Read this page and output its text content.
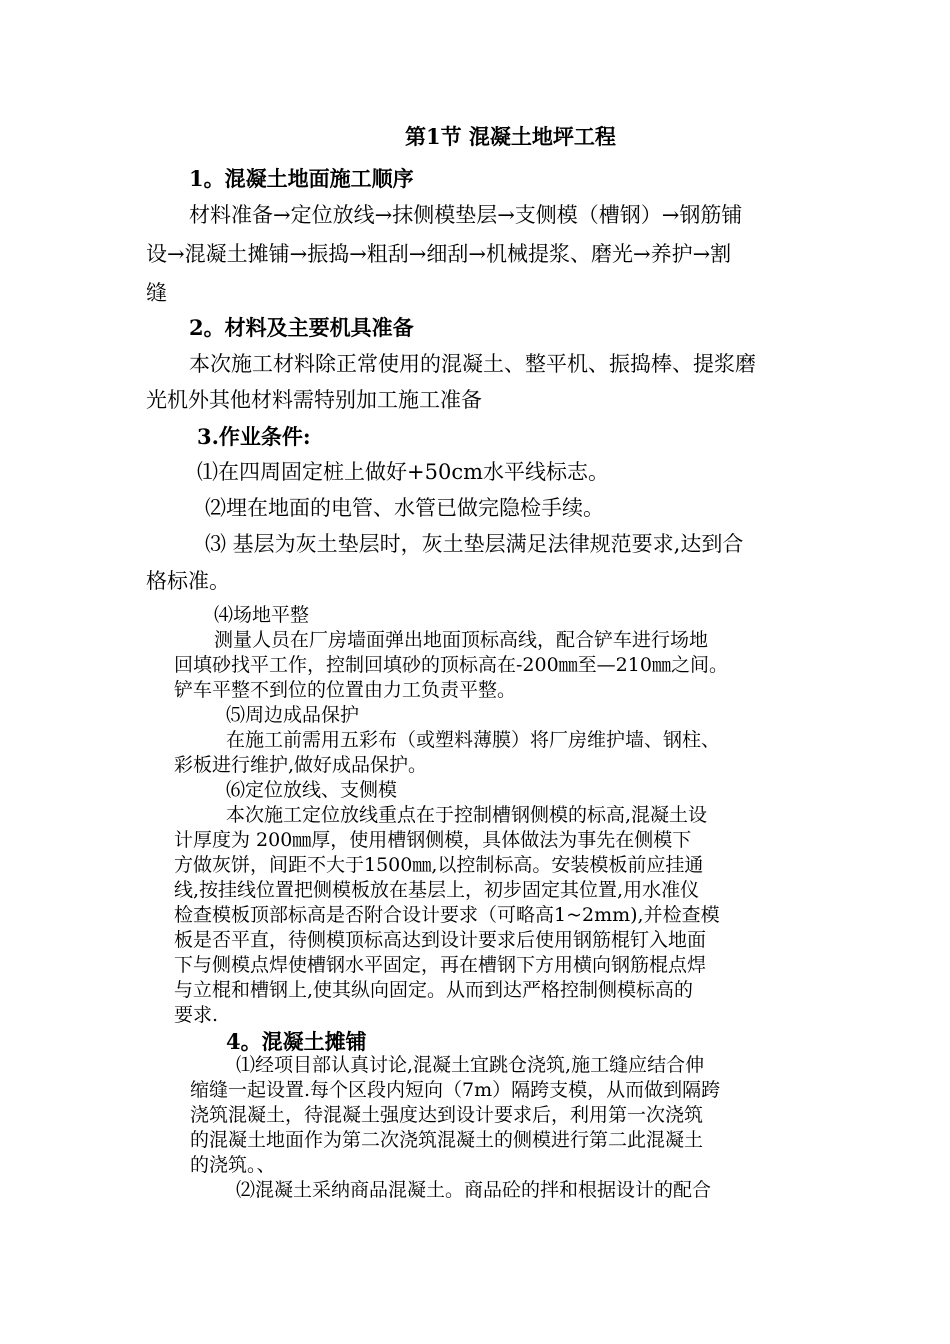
第1节 混凝土地坪工程
1。混凝土地面施工顺序
材料准备→定位放线→抹侧模垫层→支侧模（槽钢）→钢筋铺
设→混凝土摊铺→振捣→粗刮→细刮→机械提浆、磨光→养护→割
缝
2。材料及主要机具准备
本次施工材料除正常使用的混凝土、整平机、振捣棒、提浆磨
光机外其他材料需特别加工施工准备
3.作业条件:
⑴在四周固定桩上做好+50cm水平线标志。
⑵埋在地面的电管、水管已做完隐检手续。
⑶ 基层为灰土垫层时，灰土垫层满足法律规范要求,达到合
格标准。
⑷场地平整
测量人员在厂房墙面弹出地面顶标高线，配合铲车进行场地
回填砂找平工作，控制回填砂的顶标高在-200㎜至—210㎜之间。
铲车平整不到位的位置由力工负责平整。
⑸周边成品保护
在施工前需用五彩布（或塑料薄膜）将厂房维护墙、钢柱、
彩板进行维护,做好成品保护。
⑹定位放线、支侧模
本次施工定位放线重点在于控制槽钢侧模的标高,混凝土设
计厚度为 200㎜厚，使用槽钢侧模，具体做法为事先在侧模下
方做灰饼，间距不大于1500㎜,以控制标高。安装模板前应挂通
线,按挂线位置把侧模板放在基层上，初步固定其位置,用水准仪
检查模板顶部标高是否附合设计要求（可略高1~2mm),并检查模
板是否平直，待侧模顶标高达到设计要求后使用钢筋棍钉入地面
下与侧模点焊使槽钢水平固定，再在槽钢下方用横向钢筋棍点焊
与立棍和槽钢上,使其纵向固定。从而到达严格控制侧模标高的
要求.
4。混凝土摊铺
⑴经项目部认真讨论,混凝土宜跳仓浇筑,施工缝应结合伸
缩缝一起设置.每个区段内短向（7m）隔跨支模，从而做到隔跨
浇筑混凝土，待混凝土强度达到设计要求后，利用第一次浇筑
的混凝土地面作为第二次浇筑混凝土的侧模进行第二此混凝土
的浇筑。、
⑵混凝土采纳商品混凝土。商品砼的拌和根据设计的配合
